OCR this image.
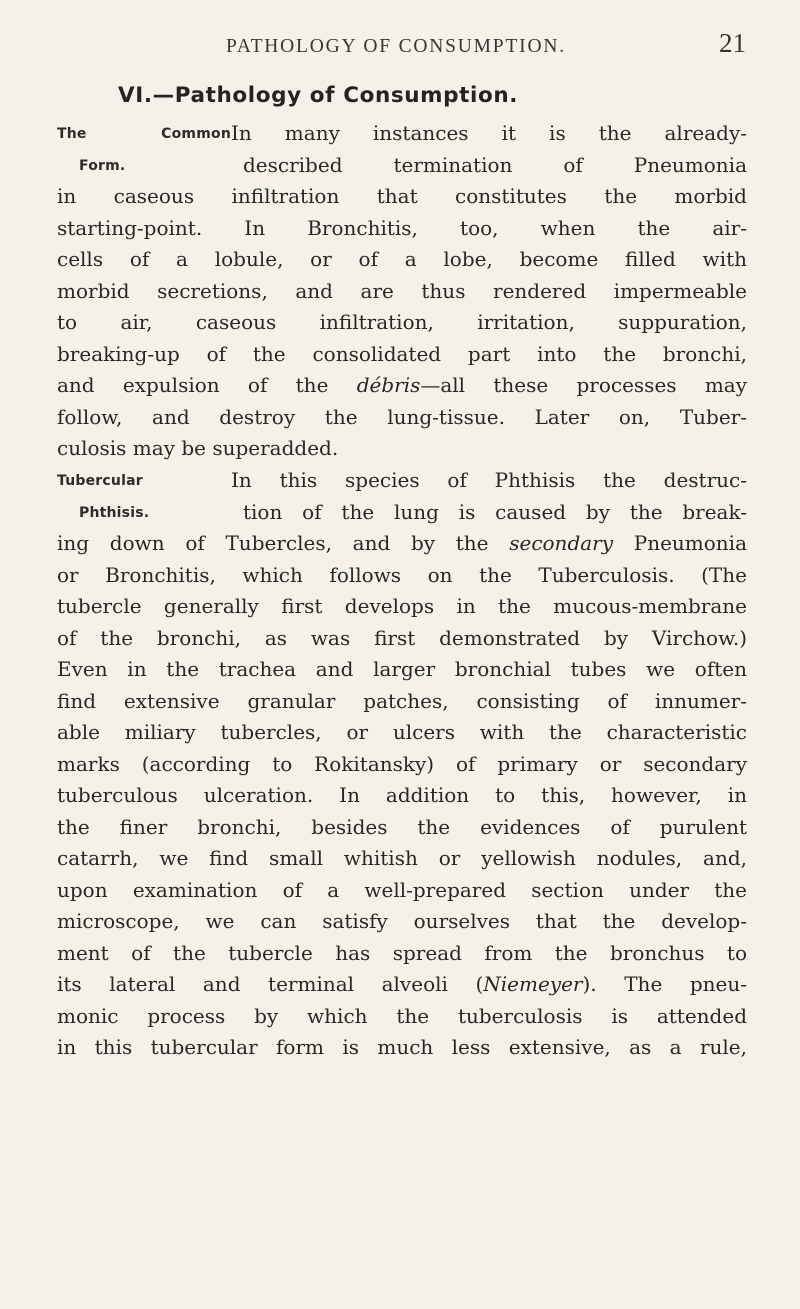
PATHOLOGY OF CONSUMPTION.	21
VI.—Pathology of Consumption.
The CommonIn many instances it is the already-
Form.	described termination of Pneumonia
in caseous infiltration that constitutes the morbid
starting-point. In Bronchitis, too, when the air-
cells of a lobule, or of a lobe, become filled with
morbid secretions, and are thus rendered impermeable
to air, caseous infiltration, irritation, suppuration,
breaking-up of the consolidated part into the bronchi,
and expulsion of the débris—all these processes may
follow, and destroy the lung-tissue. Later on, Tuber-
culosis may be superadded.
Tubercular	In this species of Phthisis the destruc-
Phthisis.	tion of the lung is caused by the break-
ing down of Tubercles, and by the secondary Pneumonia
or Bronchitis, which follows on the Tuberculosis. (The
tubercle generally first develops in the mucous-membrane
of the bronchi, as was first demonstrated by Virchow.)
Even in the trachea and larger bronchial tubes we often
find extensive granular patches, consisting of innumer-
able miliary tubercles, or ulcers with the characteristic
marks (according to Rokitansky) of primary or secondary
tuberculous ulceration. In addition to this, however, in
the finer bronchi, besides the evidences of purulent
catarrh, we find small whitish or yellowish nodules, and,
upon examination of a well-prepared section under the
microscope, we can satisfy ourselves that the develop-
ment of the tubercle has spread from the bronchus to
its lateral and terminal alveoli (Niemeyer). The pneu-
monic process by which the tuberculosis is attended
in this tubercular form is much less extensive, as a rule,
